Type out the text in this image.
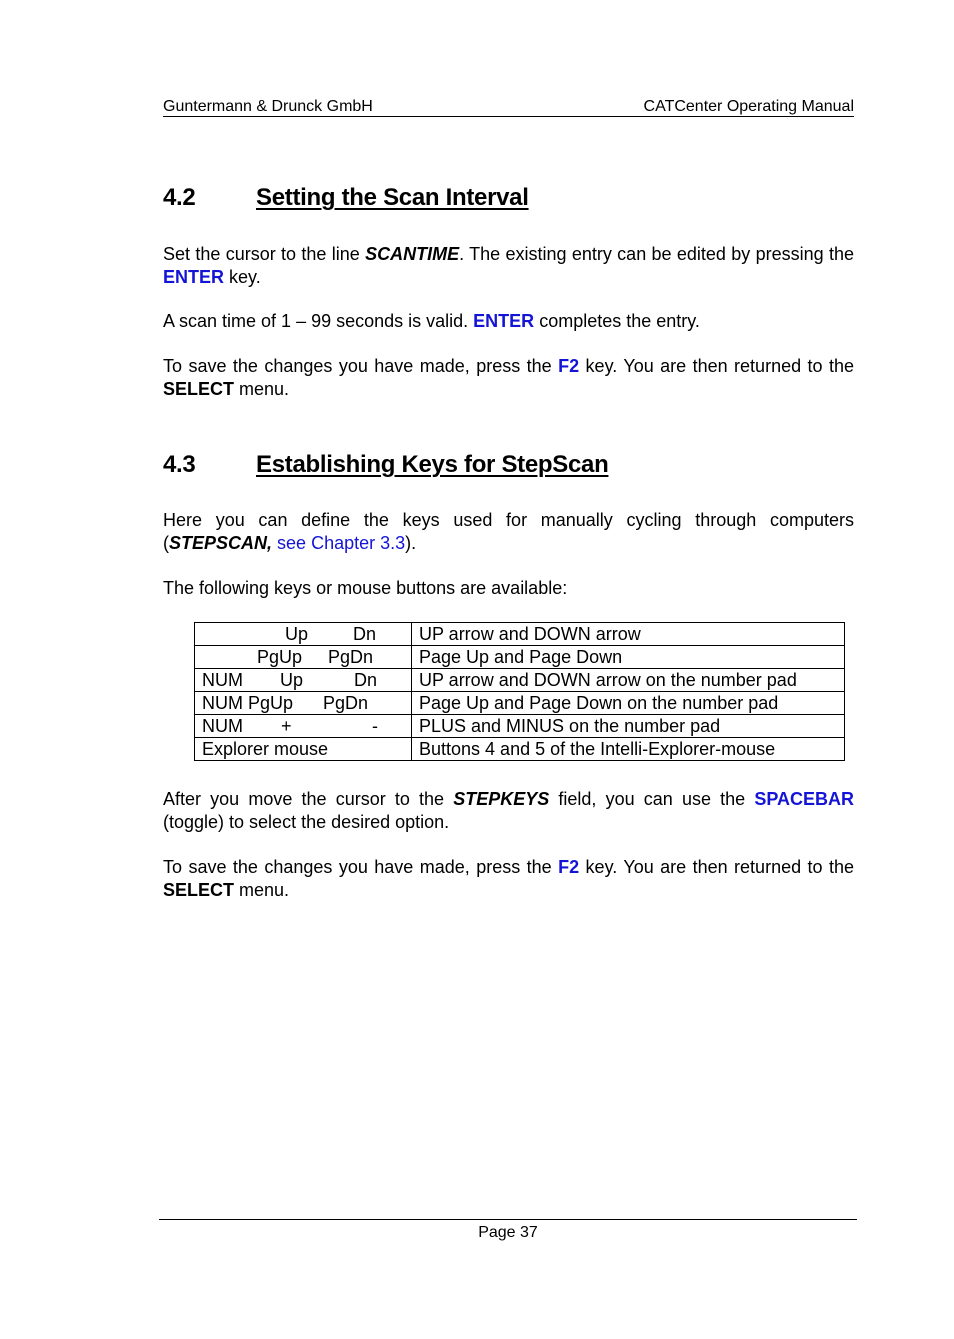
Guntermann & Drunck GmbH	CATCenter Operating Manual
4.2	Setting the Scan Interval
Set the cursor to the line SCANTIME. The existing entry can be edited by pressing the ENTER key.
A scan time of 1 – 99 seconds is valid. ENTER completes the entry.
To save the changes you have made, press the F2 key. You are then returned to the SELECT menu.
4.3	Establishing Keys for StepScan
Here you can define the keys used for manually cycling through computers (STEPSCAN, see Chapter 3.3).
The following keys or mouse buttons are available:
Up Dn	UP arrow and DOWN arrow

PgUp PgDn	Page Up and Page Down

NUM Up Dn	UP arrow and DOWN arrow on the number pad

NUM PgUp PgDn	Page Up and Page Down on the number pad

NUM + -	PLUS and MINUS on the number pad

Explorer mouse	Buttons 4 and 5 of the Intelli-Explorer-mouse
After you move the cursor to the STEPKEYS field, you can use the SPACEBAR (toggle) to select the desired option.
To save the changes you have made, press the F2 key. You are then returned to the SELECT menu.
Page 37
